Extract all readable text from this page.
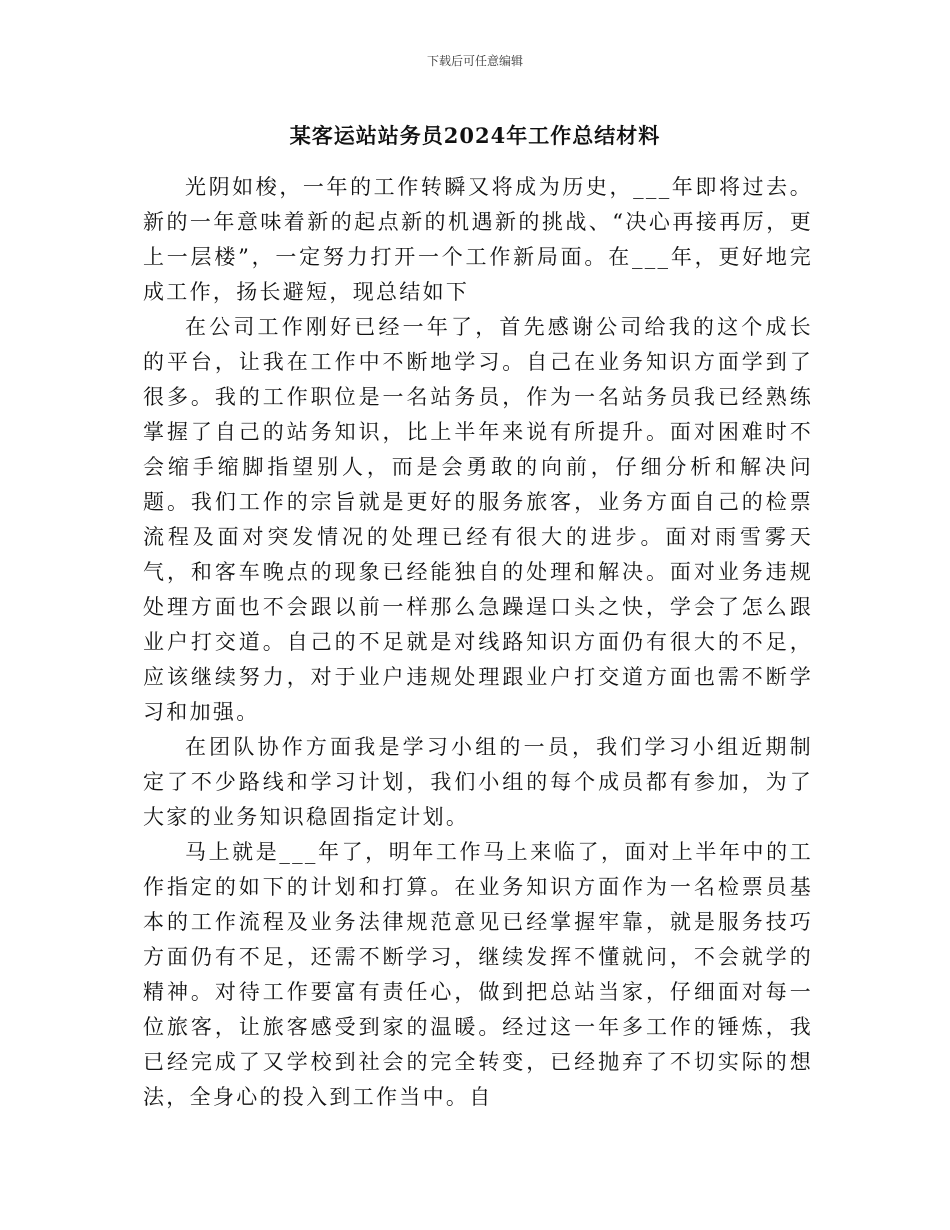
下载后可任意编辑
某客运站站务员2024年工作总结材料

光阴如梭，一年的工作转瞬又将成为历史，___年即将过去。新的一年意味着新的起点新的机遇新的挑战、“决心再接再厉，更上一层楼”，一定努力打开一个工作新局面。在___年，更好地完成工作，扬长避短，现总结如下

在公司工作刚好已经一年了，首先感谢公司给我的这个成长的平台，让我在工作中不断地学习。自己在业务知识方面学到了很多。我的工作职位是一名站务员，作为一名站务员我已经熟练掌握了自己的站务知识，比上半年来说有所提升。面对困难时不会缩手缩脚指望别人，而是会勇敢的向前，仔细分析和解决问题。我们工作的宗旨就是更好的服务旅客，业务方面自己的检票流程及面对突发情况的处理已经有很大的进步。面对雨雪雾天气，和客车晚点的现象已经能独自的处理和解决。面对业务违规处理方面也不会跟以前一样那么急躁逞口头之快，学会了怎么跟业户打交道。自己的不足就是对线路知识方面仍有很大的不足，应该继续努力，对于业户违规处理跟业户打交道方面也需不断学习和加强。

在团队协作方面我是学习小组的一员，我们学习小组近期制定了不少路线和学习计划，我们小组的每个成员都有参加，为了大家的业务知识稳固指定计划。

马上就是___年了，明年工作马上来临了，面对上半年中的工作指定的如下的计划和打算。在业务知识方面作为一名检票员基本的工作流程及业务法律规范意见已经掌握牢靠，就是服务技巧方面仍有不足，还需不断学习，继续发挥不懂就问，不会就学的精神。对待工作要富有责任心，做到把总站当家，仔细面对每一位旅客，让旅客感受到家的温暖。经过这一年多工作的锤炼，我已经完成了又学校到社会的完全转变，已经抛弃了不切实际的想法，全身心的投入到工作当中。自
